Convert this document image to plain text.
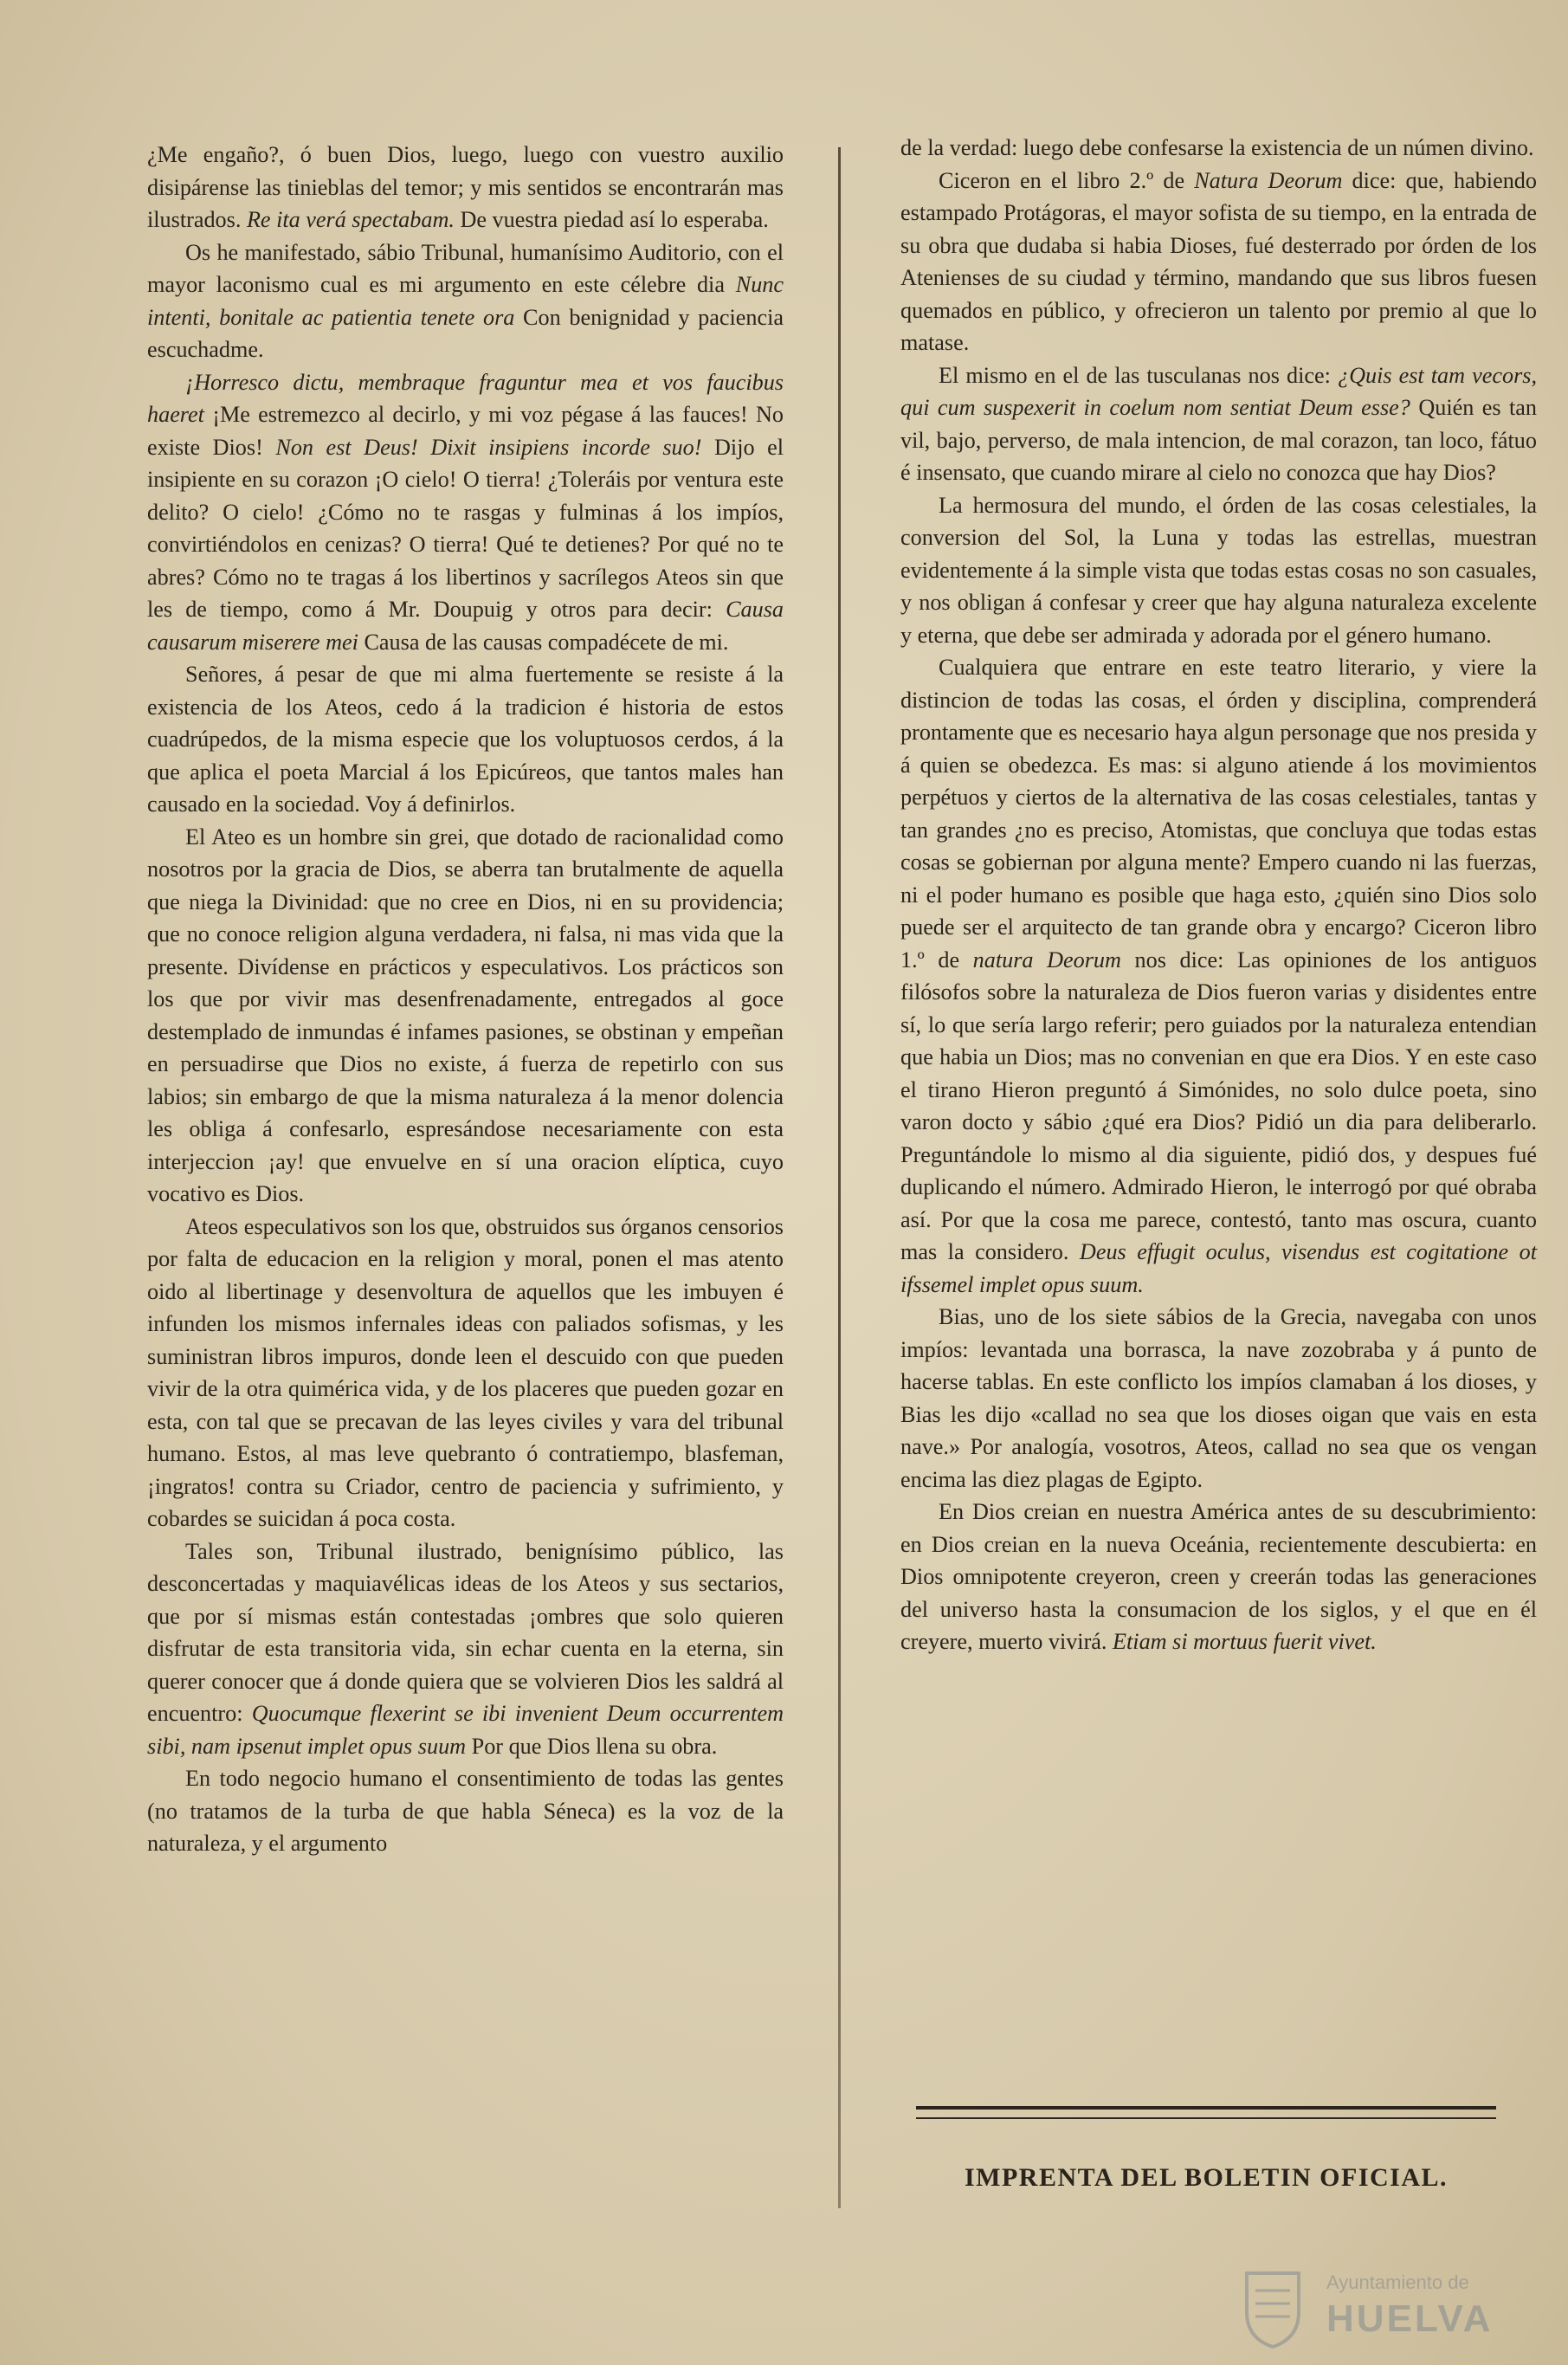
¿Me engaño?, ó buen Dios, luego, luego con vuestro auxilio disipárense las tinieblas del temor; y mis sentidos se encontrarán mas ilustrados. Re ita verá spectabam. De vuestra piedad así lo esperaba.

Os he manifestado, sábio Tribunal, humanísimo Auditorio, con el mayor laconismo cual es mi argumento en este célebre dia Nunc intenti, bonitale ac patientia tenete ora Con benignidad y paciencia escuchadme.

¡Horresco dictu, membraque fraguntur mea et vos faucibus haeret ¡Me estremezco al decirlo, y mi voz pégase á las fauces! No existe Dios! Non est Deus! Dixit insipiens incorde suo! Dijo el insipiente en su corazon ¡O cielo! O tierra! ¿Toleráis por ventura este delito? O cielo! ¿Cómo no te rasgas y fulminas á los impíos, convirtiéndolos en cenizas? O tierra! Qué te detienes? Por qué no te abres? Cómo no te tragas á los libertinos y sacrílegos Ateos sin que les de tiempo, como á Mr. Doupuig y otros para decir: Causa causarum miserere mei Causa de las causas compadécete de mi.

Señores, á pesar de que mi alma fuertemente se resiste á la existencia de los Ateos, cedo á la tradicion é historia de estos cuadrúpedos, de la misma especie que los voluptuosos cerdos, á la que aplica el poeta Marcial á los Epicúreos, que tantos males han causado en la sociedad. Voy á definirlos.

El Ateo es un hombre sin grei, que dotado de racionalidad como nosotros por la gracia de Dios, se aberra tan brutalmente de aquella que niega la Divinidad: que no cree en Dios, ni en su providencia; que no conoce religion alguna verdadera, ni falsa, ni mas vida que la presente. Divídense en prácticos y especulativos. Los prácticos son los que por vivir mas desenfrenadamente, entregados al goce destemplado de inmundas é infames pasiones, se obstinan y empeñan en persuadirse que Dios no existe, á fuerza de repetirlo con sus labios; sin embargo de que la misma naturaleza á la menor dolencia les obliga á confesarlo, espresándose necesariamente con esta interjeccion ¡ay! que envuelve en sí una oracion elíptica, cuyo vocativo es Dios.

Ateos especulativos son los que, obstruidos sus órganos censorios por falta de educacion en la religion y moral, ponen el mas atento oido al libertinage y desenvoltura de aquellos que les imbuyen é infunden los mismos infernales ideas con paliados sofismas, y les suministran libros impuros, donde leen el descuido con que pueden vivir de la otra quimérica vida, y de los placeres que pueden gozar en esta, con tal que se precavan de las leyes civiles y vara del tribunal humano. Estos, al mas leve quebranto ó contratiempo, blasfeman, ¡ingratos! contra su Criador, centro de paciencia y sufrimiento, y cobardes se suicidan á poca costa.

Tales son, Tribunal ilustrado, benignísimo público, las desconcertadas y maquiavélicas ideas de los Ateos y sus sectarios, que por sí mismas están contestadas ¡ombres que solo quieren disfrutar de esta transitoria vida, sin echar cuenta en la eterna, sin querer conocer que á donde quiera que se volvieren Dios les saldrá al encuentro: Quocumque flexerint se ibi invenient Deum occurrentem sibi, nam ipsenut implet opus suum Por que Dios llena su obra.

En todo negocio humano el consentimiento de todas las gentes (no tratamos de la turba de que habla Séneca) es la voz de la naturaleza, y el argumento

de la verdad: luego debe confesarse la existencia de un númen divino.

Ciceron en el libro 2.º de Natura Deorum dice: que, habiendo estampado Protágoras, el mayor sofista de su tiempo, en la entrada de su obra que dudaba si habia Dioses, fué desterrado por órden de los Atenienses de su ciudad y término, mandando que sus libros fuesen quemados en público, y ofrecieron un talento por premio al que lo matase.

El mismo en el de las tusculanas nos dice: ¿Quis est tam vecors, qui cum suspexerit in coelum nom sentiat Deum esse? Quién es tan vil, bajo, perverso, de mala intencion, de mal corazon, tan loco, fátuo é insensato, que cuando mirare al cielo no conozca que hay Dios?

La hermosura del mundo, el órden de las cosas celestiales, la conversion del Sol, la Luna y todas las estrellas, muestran evidentemente á la simple vista que todas estas cosas no son casuales, y nos obligan á confesar y creer que hay alguna naturaleza excelente y eterna, que debe ser admirada y adorada por el género humano.

Cualquiera que entrare en este teatro literario, y viere la distincion de todas las cosas, el órden y disciplina, comprenderá prontamente que es necesario haya algun personage que nos presida y á quien se obedezca. Es mas: si alguno atiende á los movimientos perpétuos y ciertos de la alternativa de las cosas celestiales, tantas y tan grandes ¿no es preciso, Atomistas, que concluya que todas estas cosas se gobiernan por alguna mente? Empero cuando ni las fuerzas, ni el poder humano es posible que haga esto, ¿quién sino Dios solo puede ser el arquitecto de tan grande obra y encargo? Ciceron libro 1.º de natura Deorum nos dice: Las opiniones de los antiguos filósofos sobre la naturaleza de Dios fueron varias y disidentes entre sí, lo que sería largo referir; pero guiados por la naturaleza entendian que habia un Dios; mas no convenian en que era Dios. Y en este caso el tirano Hieron preguntó á Simónides, no solo dulce poeta, sino varon docto y sábio ¿qué era Dios? Pidió un dia para deliberarlo. Preguntándole lo mismo al dia siguiente, pidió dos, y despues fué duplicando el número. Admirado Hieron, le interrogó por qué obraba así. Por que la cosa me parece, contestó, tanto mas oscura, cuanto mas la considero. Deus effugit oculus, visendus est cogitatione ot ifssemel implet opus suum.

Bias, uno de los siete sábios de la Grecia, navegaba con unos impíos: levantada una borrasca, la nave zozobraba y á punto de hacerse tablas. En este conflicto los impíos clamaban á los dioses, y Bias les dijo «callad no sea que los dioses oigan que vais en esta nave.» Por analogía, vosotros, Ateos, callad no sea que os vengan encima las diez plagas de Egipto.

En Dios creian en nuestra América antes de su descubrimiento: en Dios creian en la nueva Oceánia, recientemente descubierta: en Dios omnipotente creyeron, creen y creerán todas las generaciones del universo hasta la consumacion de los siglos, y el que en él creyere, muerto vivirá. Etiam si mortuus fuerit vivet.

IMPRENTA DEL BOLETIN OFICIAL.
Ayuntamiento de
HUELVA
